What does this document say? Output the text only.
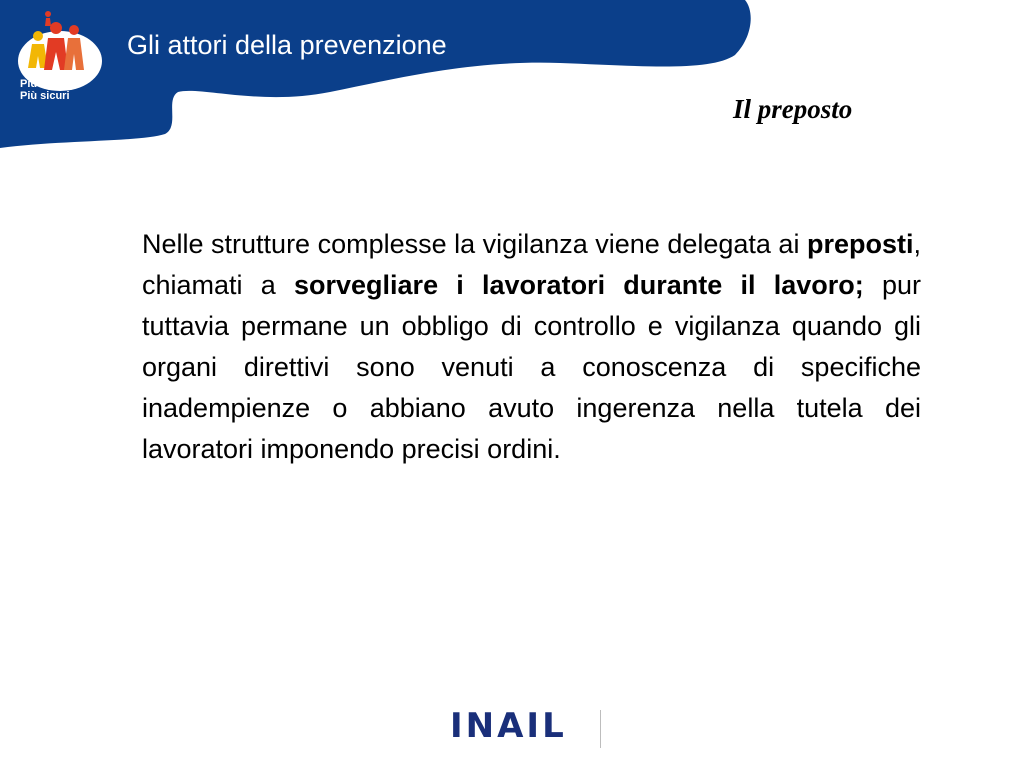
Più formati
Più sicuri
Gli attori della prevenzione
Il preposto
Nelle strutture complesse la vigilanza viene delegata ai preposti, chiamati a sorvegliare i lavoratori durante il lavoro; pur tuttavia permane un obbligo di controllo e vigilanza quando gli organi direttivi sono venuti a conoscenza di specifiche inadempienze o abbiano avuto ingerenza nella tutela dei lavoratori imponendo precisi ordini.
INAIL
